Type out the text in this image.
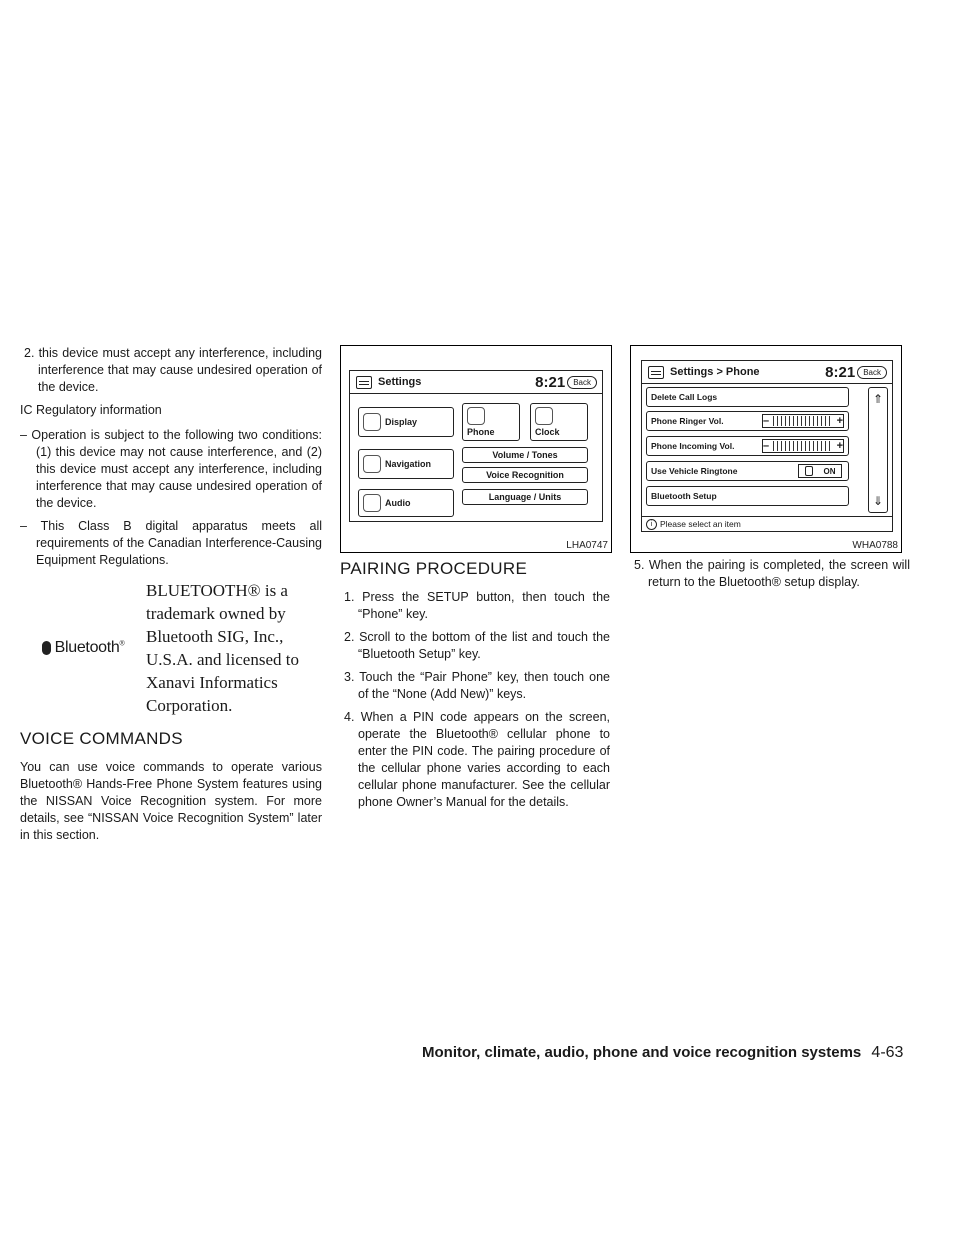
2. this device must accept any interference, including interference that may cause undesired operation of the device.

IC Regulatory information

– Operation is subject to the following two conditions: (1) this device may not cause interference, and (2) this device must accept any interference, including interference that may cause undesired operation of the device.

– This Class B digital apparatus meets all requirements of the Canadian Interference-Causing Equipment Regulations.

Bluetooth®
BLUETOOTH® is a trademark owned by Bluetooth SIG, Inc., U.S.A. and licensed to Xanavi Informatics Corporation.
VOICE COMMANDS

You can use voice commands to operate various Bluetooth® Hands-Free Phone System features using the NISSAN Voice Recognition system. For more details, see “NISSAN Voice Recognition System” later in this section.

Settings	8:21	Back
Display
Phone	Clock
Navigation
Volume / Tones
Voice Recognition
Audio
Language / Units
LHA0747
PAIRING PROCEDURE

1. Press the SETUP button, then touch the “Phone” key.

2. Scroll to the bottom of the list and touch the “Bluetooth Setup” key.

3. Touch the “Pair Phone” key, then touch one of the “None (Add New)” keys.

4. When a PIN code appears on the screen, operate the Bluetooth® cellular phone to enter the PIN code. The pairing procedure of the cellular phone varies according to each cellular phone manufacturer. See the cellular phone Owner’s Manual for the details.

Settings > Phone	8:21	Back
Delete Call Logs
Phone Ringer Vol.	–	+
Phone Incoming Vol.	–	+
Use Vehicle Ringtone	ON
Bluetooth Setup
⇑
⇓
i Please select an item
WHA0788

5. When the pairing is completed, the screen will return to the Bluetooth® setup display.

Monitor, climate, audio, phone and voice recognition systems 4-63
